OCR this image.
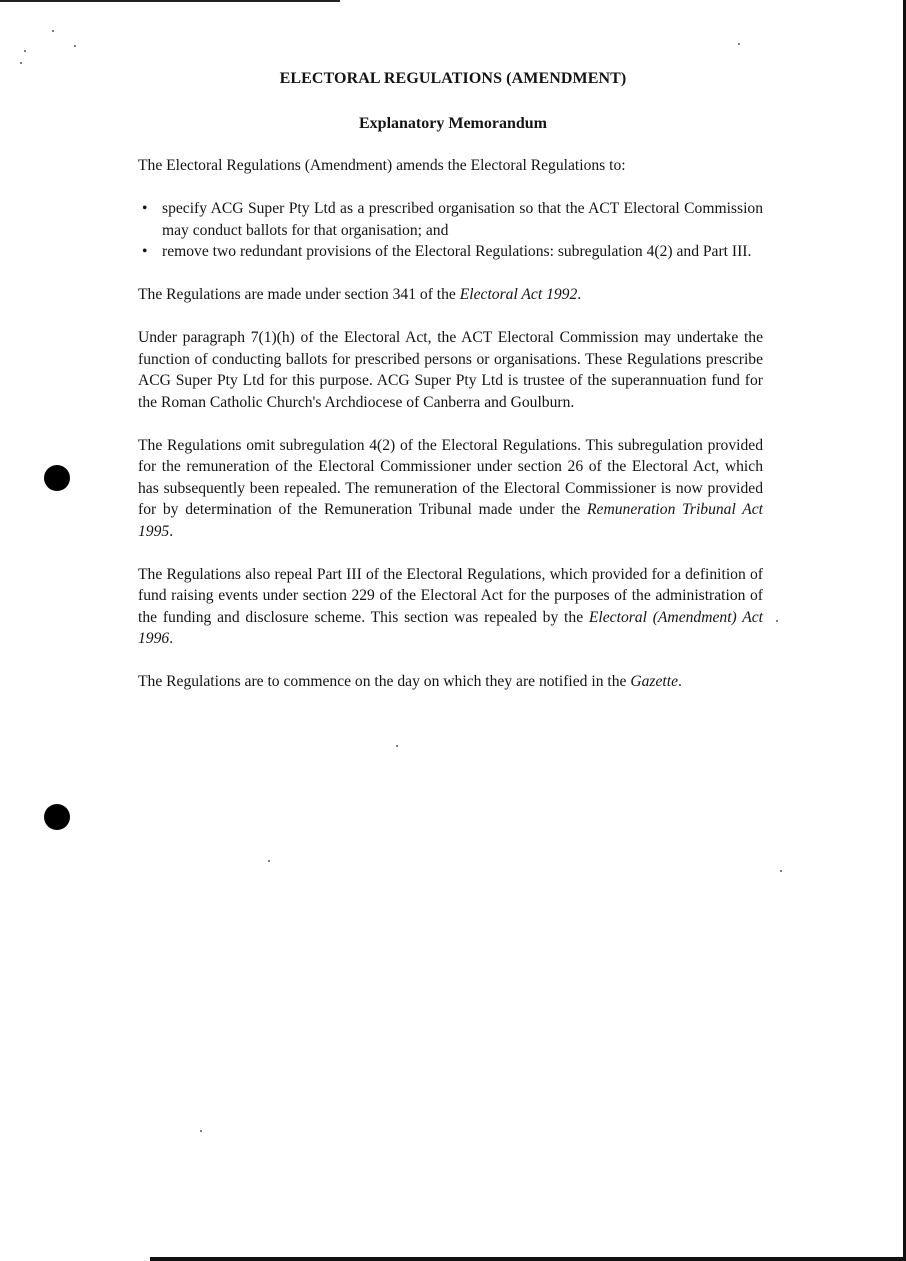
ELECTORAL REGULATIONS (AMENDMENT)
Explanatory Memorandum

The Electoral Regulations (Amendment) amends the Electoral Regulations to:

• specify ACG Super Pty Ltd as a prescribed organisation so that the ACT Electoral Commission may conduct ballots for that organisation; and
• remove two redundant provisions of the Electoral Regulations: subregulation 4(2) and Part III.

The Regulations are made under section 341 of the Electoral Act 1992.

Under paragraph 7(1)(h) of the Electoral Act, the ACT Electoral Commission may undertake the function of conducting ballots for prescribed persons or organisations. These Regulations prescribe ACG Super Pty Ltd for this purpose. ACG Super Pty Ltd is trustee of the superannuation fund for the Roman Catholic Church's Archdiocese of Canberra and Goulburn.

The Regulations omit subregulation 4(2) of the Electoral Regulations. This subregulation provided for the remuneration of the Electoral Commissioner under section 26 of the Electoral Act, which has subsequently been repealed. The remuneration of the Electoral Commissioner is now provided for by determination of the Remuneration Tribunal made under the Remuneration Tribunal Act 1995.

The Regulations also repeal Part III of the Electoral Regulations, which provided for a definition of fund raising events under section 229 of the Electoral Act for the purposes of the administration of the funding and disclosure scheme. This section was repealed by the Electoral (Amendment) Act 1996.

The Regulations are to commence on the day on which they are notified in the Gazette.
